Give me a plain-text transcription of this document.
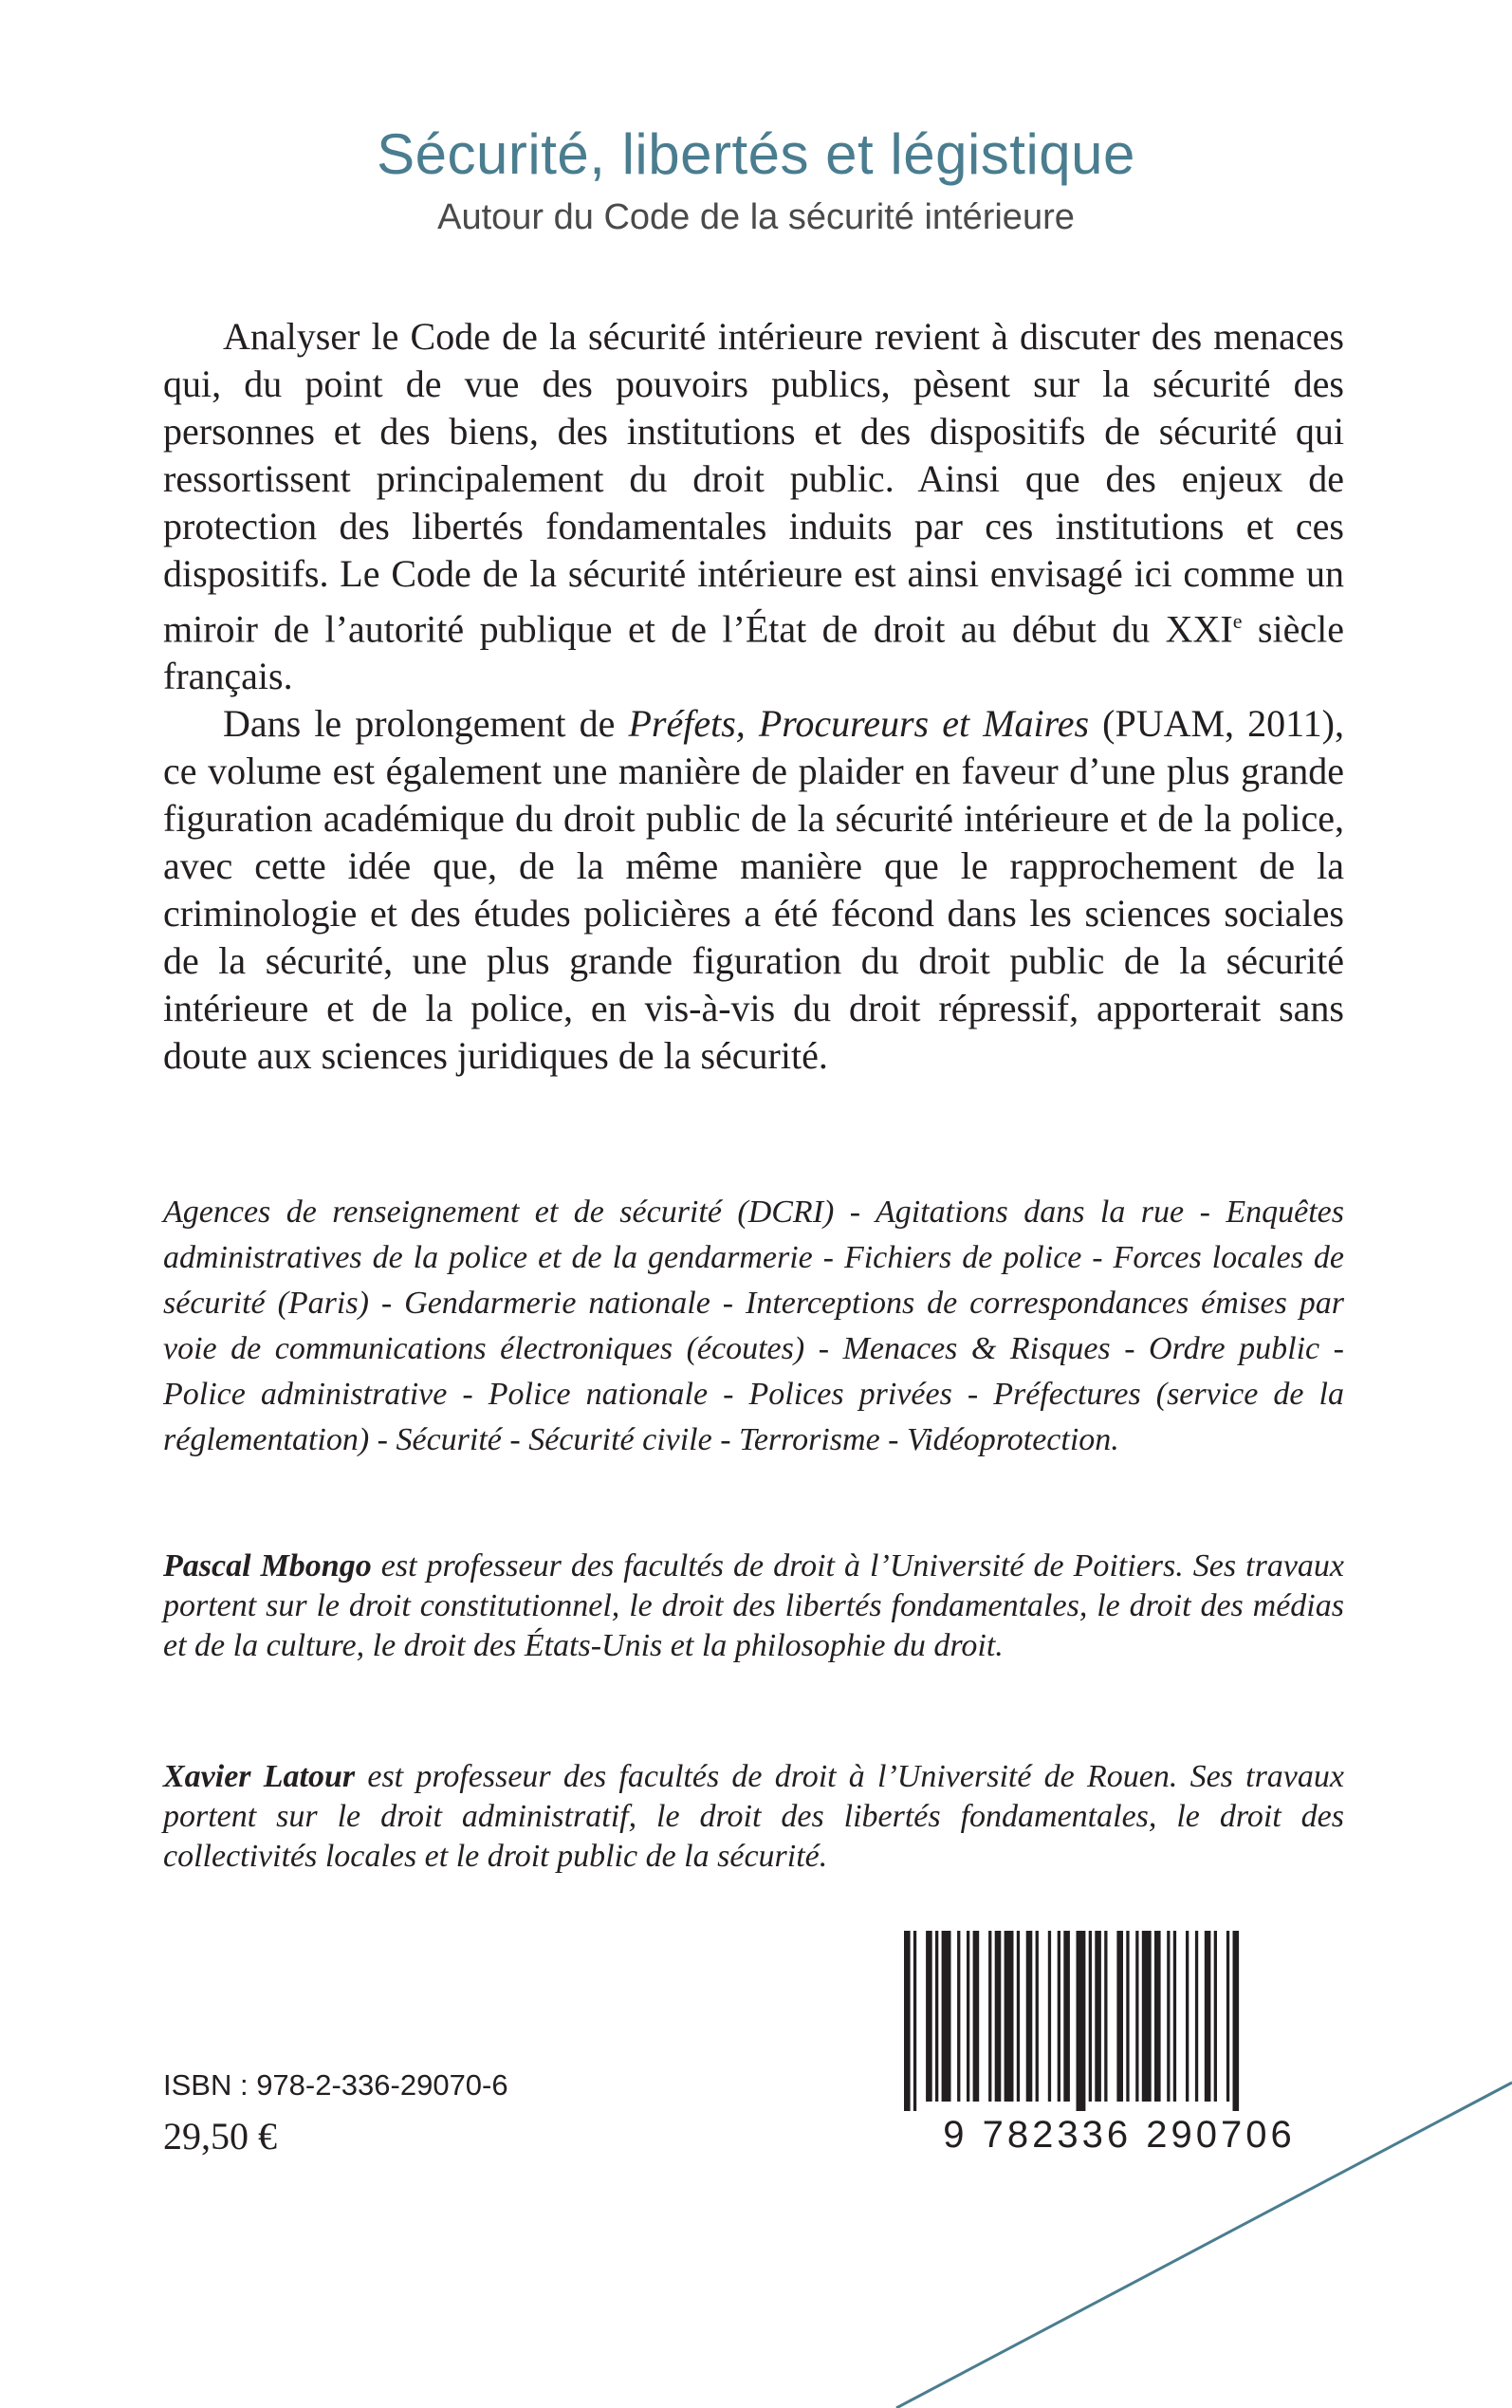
Sécurité, libertés et légistique
Autour du Code de la sécurité intérieure

Analyser le Code de la sécurité intérieure revient à discuter des menaces qui, du point de vue des pouvoirs publics, pèsent sur la sécurité des personnes et des biens, des institutions et des dispositifs de sécurité qui ressortissent principalement du droit public. Ainsi que des enjeux de protection des libertés fondamentales induits par ces institutions et ces dispositifs. Le Code de la sécurité intérieure est ainsi envisagé ici comme un miroir de l’autorité publique et de l’État de droit au début du XXIe siècle français.

Dans le prolongement de Préfets, Procureurs et Maires (PUAM, 2011), ce volume est également une manière de plaider en faveur d’une plus grande figuration académique du droit public de la sécurité intérieure et de la police, avec cette idée que, de la même manière que le rapprochement de la criminologie et des études policières a été fécond dans les sciences sociales de la sécurité, une plus grande figuration du droit public de la sécurité intérieure et de la police, en vis-à-vis du droit répressif, apporterait sans doute aux sciences juridiques de la sécurité.

Agences de renseignement et de sécurité (DCRI) - Agitations dans la rue - Enquêtes administratives de la police et de la gendarmerie - Fichiers de police - Forces locales de sécurité (Paris) - Gendarmerie nationale - Interceptions de correspondances émises par voie de communications électroniques (écoutes) - Menaces & Risques - Ordre public - Police administrative - Police nationale - Polices privées - Préfectures (service de la réglementation) - Sécurité - Sécurité civile - Terrorisme - Vidéoprotection.
Pascal Mbongo est professeur des facultés de droit à l’Université de Poitiers. Ses travaux portent sur le droit constitutionnel, le droit des libertés fondamentales, le droit des médias et de la culture, le droit des États-Unis et la philosophie du droit.
Xavier Latour est professeur des facultés de droit à l’Université de Rouen. Ses travaux portent sur le droit administratif, le droit des libertés fondamentales, le droit des collectivités locales et le droit public de la sécurité.
ISBN : 978-2-336-29070-6
29,50 €	9 782336 290706
